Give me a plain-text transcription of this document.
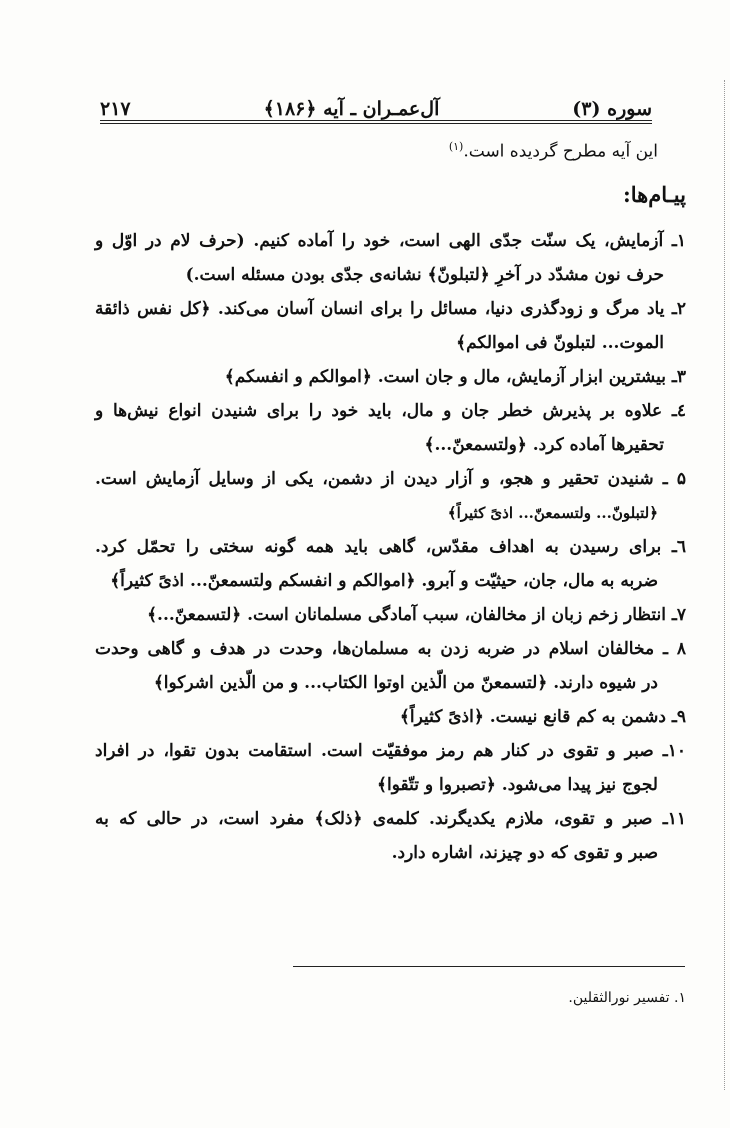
سوره (۳)
آل‌عمـران ـ آیه ﴿۱۸۶﴾
۲۱۷
این آیه مطرح گردیده است.$^{(۱)}$
پیـام‌ها:
۱ـ آزمایش، یک سنّت جدّی الهی است، خود را آماده کنیم. (حرف لام در اوّل و
حرف نون مشدّد در آخرِ ﴿لتبلونّ﴾ نشانه‌ی جدّی بودن مسئله است.)
۲ـ یاد مرگ و زودگذری دنیا، مسائل را برای انسان آسان می‌کند. ﴿کل نفس ذائقة
الموت... لتبلونّ فی اموالکم﴾
۳ـ بیشترین ابزار آزمایش، مال و جان است. ﴿اموالکم و انفسکم﴾
٤ـ علاوه بر پذیرش خطر جان و مال، باید خود را برای شنیدن انواع نیش‌ها و
تحقیرها آماده کرد. ﴿ولتسمعنّ...﴾
۵ ـ شنیدن تحقیر و هجو، و آزار دیدن از دشمن، یکی از وسایل آزمایش است.
﴿لتبلونّ... ولتسمعنّ... اذیً کثیراً﴾
٦ـ برای رسیدن به اهداف مقدّس، گاهی باید همه گونه سختی را تحمّل کرد.
ضربه به مال، جان، حیثیّت و آبرو. ﴿اموالکم و انفسکم ولتسمعنّ... اذیً کثیراً﴾
۷ـ انتظار زخم زبان از مخالفان، سبب آمادگی مسلمانان است. ﴿لتسمعنّ...﴾
۸ ـ مخالفان اسلام در ضربه زدن به مسلمان‌ها، وحدت در هدف و گاهی وحدت
در شیوه دارند. ﴿لتسمعنّ من الّذین اوتوا الکتاب... و من الّذین اشرکوا﴾
۹ـ دشمن به کم قانع نیست. ﴿اذیً کثیراً﴾
۱۰ـ صبر و تقوی در کنار هم رمز موفقیّت است. استقامت بدون تقوا، در افراد
لجوج نیز پیدا می‌شود. ﴿تصبروا و تتّقوا﴾
۱۱ـ صبر و تقوی، ملازم یکدیگرند. کلمه‌ی ﴿ذلک﴾ مفرد است، در حالی که به
صبر و تقوی که دو چیزند، اشاره دارد.
۱. تفسیر نورالثقلین.
